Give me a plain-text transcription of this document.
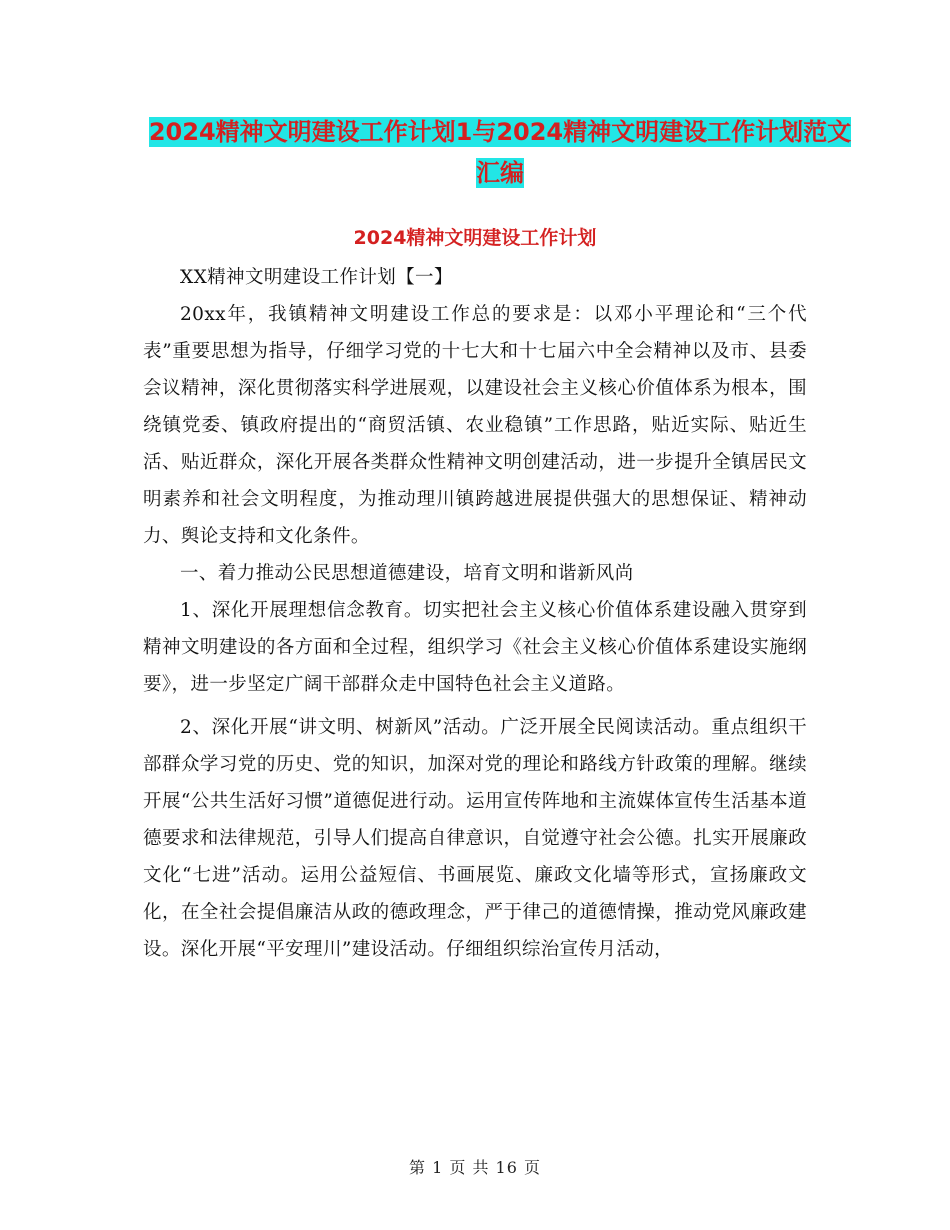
2024精神文明建设工作计划1与2024精神文明建设工作计划范文汇编
2024精神文明建设工作计划

XX精神文明建设工作计划【一】

20xx年，我镇精神文明建设工作总的要求是：以邓小平理论和“三个代表”重要思想为指导，仔细学习党的十七大和十七届六中全会精神以及市、县委会议精神，深化贯彻落实科学进展观，以建设社会主义核心价值体系为根本，围绕镇党委、镇政府提出的“商贸活镇、农业稳镇”工作思路，贴近实际、贴近生活、贴近群众，深化开展各类群众性精神文明创建活动，进一步提升全镇居民文明素养和社会文明程度，为推动理川镇跨越进展提供强大的思想保证、精神动力、舆论支持和文化条件。

一、着力推动公民思想道德建设，培育文明和谐新风尚

1、深化开展理想信念教育。切实把社会主义核心价值体系建设融入贯穿到精神文明建设的各方面和全过程，组织学习《社会主义核心价值体系建设实施纲要》，进一步坚定广阔干部群众走中国特色社会主义道路。

2、深化开展“讲文明、树新风”活动。广泛开展全民阅读活动。重点组织干部群众学习党的历史、党的知识，加深对党的理论和路线方针政策的理解。继续开展“公共生活好习惯”道德促进行动。运用宣传阵地和主流媒体宣传生活基本道德要求和法律规范，引导人们提高自律意识，自觉遵守社会公德。扎实开展廉政文化“七进”活动。运用公益短信、书画展览、廉政文化墙等形式，宣扬廉政文化，在全社会提倡廉洁从政的德政理念，严于律己的道德情操，推动党风廉政建设。深化开展“平安理川”建设活动。仔细组织综治宣传月活动，

第 1 页 共 16 页
